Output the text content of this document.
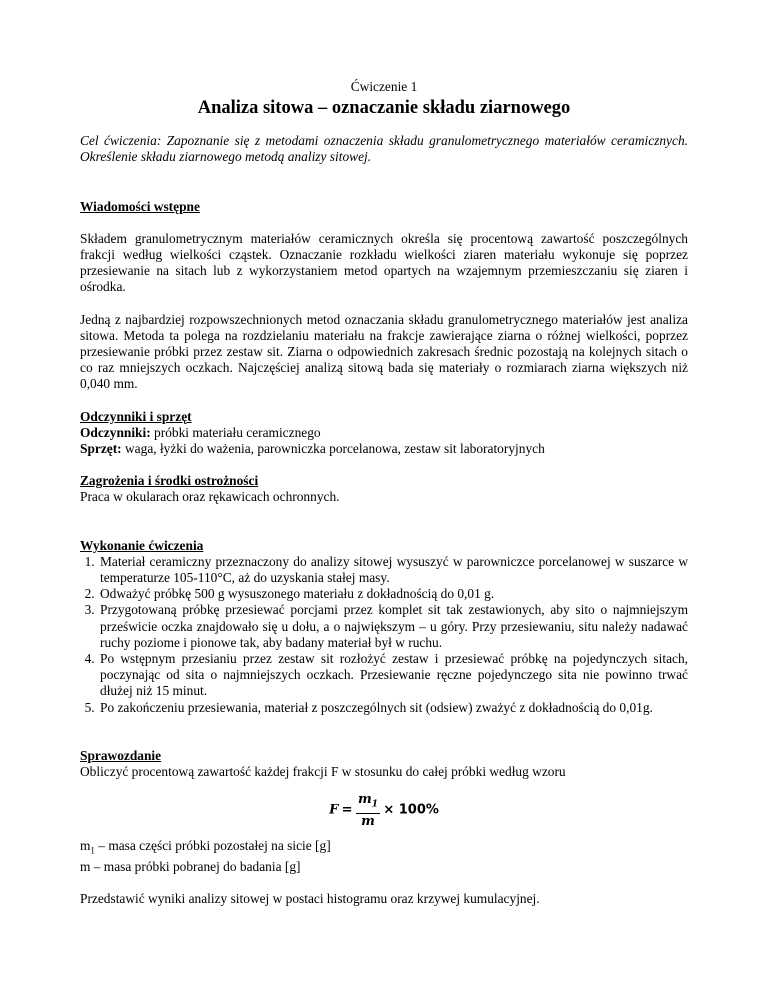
Ćwiczenie 1
Analiza sitowa – oznaczanie składu ziarnowego

Cel ćwiczenia: Zapoznanie się z metodami oznaczenia składu granulometrycznego materiałów ceramicznych. Określenie składu ziarnowego metodą analizy sitowej.

Wiadomości wstępne

Składem granulometrycznym materiałów ceramicznych określa się procentową zawartość poszczególnych frakcji według wielkości cząstek. Oznaczanie rozkładu wielkości ziaren materiału wykonuje się poprzez przesiewanie na sitach lub z wykorzystaniem metod opartych na wzajemnym przemieszczaniu się ziaren i ośrodka.

Jedną z najbardziej rozpowszechnionych metod oznaczania składu granulometrycznego materiałów jest analiza sitowa. Metoda ta polega na rozdzielaniu materiału na frakcje zawierające ziarna o różnej wielkości, poprzez przesiewanie próbki przez zestaw sit. Ziarna o odpowiednich zakresach średnic pozostają na kolejnych sitach o co raz mniejszych oczkach. Najczęściej analizą sitową bada się materiały o rozmiarach ziarna większych niż 0,040 mm.

Odczynniki i sprzęt
Odczynniki: próbki materiału ceramicznego
Sprzęt: waga, łyżki do ważenia, parowniczka porcelanowa, zestaw sit laboratoryjnych
Zagrożenia i środki ostrożności
Praca w okularach oraz rękawicach ochronnych.
Wykonanie ćwiczenia
1. Materiał ceramiczny przeznaczony do analizy sitowej wysuszyć w parowniczce porcelanowej w suszarce w temperaturze 105-110°C, aż do uzyskania stałej masy.
2. Odważyć próbkę 500 g wysuszonego materiału z dokładnością do 0,01 g.
3. Przygotowaną próbkę przesiewać porcjami przez komplet sit tak zestawionych, aby sito o najmniejszym prześwicie oczka znajdowało się u dołu, a o największym – u góry. Przy przesiewaniu, situ należy nadawać ruchy poziome i pionowe tak, aby badany materiał był w ruchu.
4. Po wstępnym przesianiu przez zestaw sit rozłożyć zestaw i przesiewać próbkę na pojedynczych sitach, poczynając od sita o najmniejszych oczkach. Przesiewanie ręczne pojedynczego sita nie powinno trwać dłużej niż 15 minut.
5. Po zakończeniu przesiewania, materiał z poszczególnych sit (odsiew) zważyć z dokładnością do 0,01g.
Sprawozdanie
Obliczyć procentową zawartość każdej frakcji F w stosunku do całej próbki według wzoru
$F = \frac{m_1}{m} \times 100\%$
$m_1$ – masa części próbki pozostałej na sicie [g]
m – masa próbki pobranej do badania [g]
Przedstawić wyniki analizy sitowej w postaci histogramu oraz krzywej kumulacyjnej.
